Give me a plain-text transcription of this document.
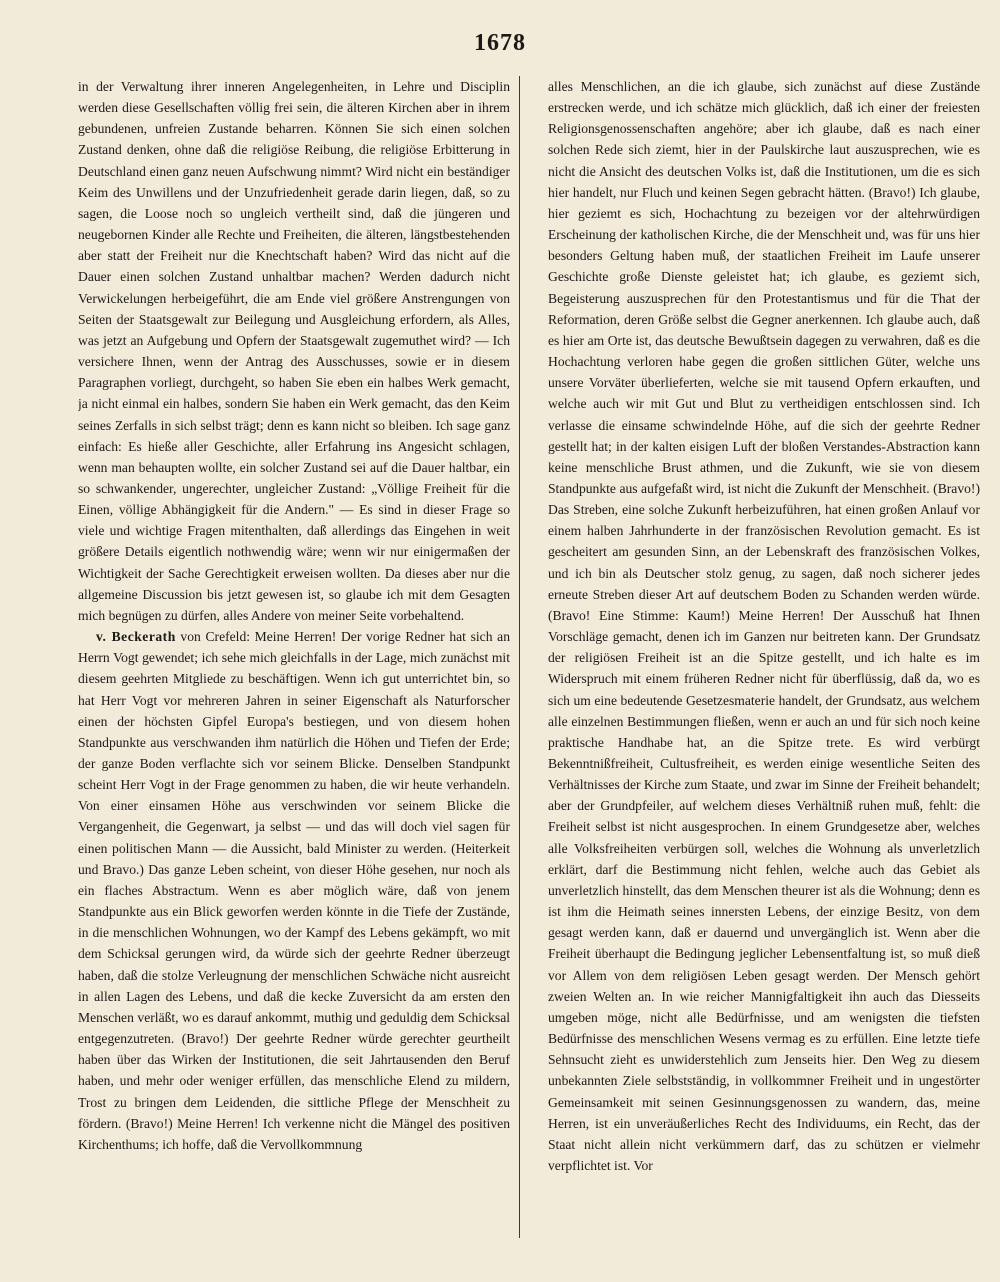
1678

in der Verwaltung ihrer inneren Angelegenheiten, in Lehre und Disciplin werden diese Gesellschaften völlig frei sein, die älteren Kirchen aber in ihrem gebundenen, unfreien Zustande beharren. Können Sie sich einen solchen Zustand denken, ohne daß die religiöse Reibung, die religiöse Erbitterung in Deutschland einen ganz neuen Aufschwung nimmt? Wird nicht ein beständiger Keim des Unwillens und der Unzufriedenheit gerade darin liegen, daß, so zu sagen, die Loose noch so ungleich vertheilt sind, daß die jüngeren und neugebornen Kinder alle Rechte und Freiheiten, die älteren, längstbestehenden aber statt der Freiheit nur die Knechtschaft haben? Wird das nicht auf die Dauer einen solchen Zustand unhaltbar machen? Werden dadurch nicht Verwickelungen herbeigeführt, die am Ende viel größere Anstrengungen von Seiten der Staatsgewalt zur Beilegung und Ausgleichung erfordern, als Alles, was jetzt an Aufgebung und Opfern der Staatsgewalt zugemuthet wird? — Ich versichere Ihnen, wenn der Antrag des Ausschusses, sowie er in diesem Paragraphen vorliegt, durchgeht, so haben Sie eben ein halbes Werk gemacht, ja nicht einmal ein halbes, sondern Sie haben ein Werk gemacht, das den Keim seines Zerfalls in sich selbst trägt; denn es kann nicht so bleiben. Ich sage ganz einfach: Es hieße aller Geschichte, aller Erfahrung ins Angesicht schlagen, wenn man behaupten wollte, ein solcher Zustand sei auf die Dauer haltbar, ein so schwankender, ungerechter, ungleicher Zustand: „Völlige Freiheit für die Einen, völlige Abhängigkeit für die Andern." — Es sind in dieser Frage so viele und wichtige Fragen mitenthalten, daß allerdings das Eingehen in weit größere Details eigentlich nothwendig wäre; wenn wir nur einigermaßen der Wichtigkeit der Sache Gerechtigkeit erweisen wollten. Da dieses aber nur die allgemeine Discussion bis jetzt gewesen ist, so glaube ich mit dem Gesagten mich begnügen zu dürfen, alles Andere von meiner Seite vorbehaltend.

v. Beckerath von Crefeld: Meine Herren! Der vorige Redner hat sich an Herrn Vogt gewendet; ich sehe mich gleichfalls in der Lage, mich zunächst mit diesem geehrten Mitgliede zu beschäftigen. Wenn ich gut unterrichtet bin, so hat Herr Vogt vor mehreren Jahren in seiner Eigenschaft als Naturforscher einen der höchsten Gipfel Europa's bestiegen, und von diesem hohen Standpunkte aus verschwanden ihm natürlich die Höhen und Tiefen der Erde; der ganze Boden verflachte sich vor seinem Blicke. Denselben Standpunkt scheint Herr Vogt in der Frage genommen zu haben, die wir heute verhandeln. Von einer einsamen Höhe aus verschwinden vor seinem Blicke die Vergangenheit, die Gegenwart, ja selbst — und das will doch viel sagen für einen politischen Mann — die Aussicht, bald Minister zu werden. (Heiterkeit und Bravo.) Das ganze Leben scheint, von dieser Höhe gesehen, nur noch als ein flaches Abstractum. Wenn es aber möglich wäre, daß von jenem Standpunkte aus ein Blick geworfen werden könnte in die Tiefe der Zustände, in die menschlichen Wohnungen, wo der Kampf des Lebens gekämpft, wo mit dem Schicksal gerungen wird, da würde sich der geehrte Redner überzeugt haben, daß die stolze Verleugnung der menschlichen Schwäche nicht ausreicht in allen Lagen des Lebens, und daß die kecke Zuversicht da am ersten den Menschen verläßt, wo es darauf ankommt, muthig und geduldig dem Schicksal entgegenzutreten. (Bravo!) Der geehrte Redner würde gerechter geurtheilt haben über das Wirken der Institutionen, die seit Jahrtausenden den Beruf haben, und mehr oder weniger erfüllen, das menschliche Elend zu mildern, Trost zu bringen dem Leidenden, die sittliche Pflege der Menschheit zu fördern. (Bravo!) Meine Herren! Ich verkenne nicht die Mängel des positiven Kirchenthums; ich hoffe, daß die Vervollkommnung

alles Menschlichen, an die ich glaube, sich zunächst auf diese Zustände erstrecken werde, und ich schätze mich glücklich, daß ich einer der freiesten Religionsgenossenschaften angehöre; aber ich glaube, daß es nach einer solchen Rede sich ziemt, hier in der Paulskirche laut auszusprechen, wie es nicht die Ansicht des deutschen Volks ist, daß die Institutionen, um die es sich hier handelt, nur Fluch und keinen Segen gebracht hätten. (Bravo!) Ich glaube, hier geziemt es sich, Hochachtung zu bezeigen vor der altehrwürdigen Erscheinung der katholischen Kirche, die der Menschheit und, was für uns hier besonders Geltung haben muß, der staatlichen Freiheit im Laufe unserer Geschichte große Dienste geleistet hat; ich glaube, es geziemt sich, Begeisterung auszusprechen für den Protestantismus und für die That der Reformation, deren Größe selbst die Gegner anerkennen. Ich glaube auch, daß es hier am Orte ist, das deutsche Bewußtsein dagegen zu verwahren, daß es die Hochachtung verloren habe gegen die großen sittlichen Güter, welche uns unsere Vorväter überlieferten, welche sie mit tausend Opfern erkauften, und welche auch wir mit Gut und Blut zu vertheidigen entschlossen sind. Ich verlasse die einsame schwindelnde Höhe, auf die sich der geehrte Redner gestellt hat; in der kalten eisigen Luft der bloßen Verstandes-Abstraction kann keine menschliche Brust athmen, und die Zukunft, wie sie von diesem Standpunkte aus aufgefaßt wird, ist nicht die Zukunft der Menschheit. (Bravo!) Das Streben, eine solche Zukunft herbeizuführen, hat einen großen Anlauf vor einem halben Jahrhunderte in der französischen Revolution gemacht. Es ist gescheitert am gesunden Sinn, an der Lebenskraft des französischen Volkes, und ich bin als Deutscher stolz genug, zu sagen, daß noch sicherer jedes erneute Streben dieser Art auf deutschem Boden zu Schanden werden würde. (Bravo! Eine Stimme: Kaum!) Meine Herren! Der Ausschuß hat Ihnen Vorschläge gemacht, denen ich im Ganzen nur beitreten kann. Der Grundsatz der religiösen Freiheit ist an die Spitze gestellt, und ich halte es im Widerspruch mit einem früheren Redner nicht für überflüssig, daß da, wo es sich um eine bedeutende Gesetzesmaterie handelt, der Grundsatz, aus welchem alle einzelnen Bestimmungen fließen, wenn er auch an und für sich noch keine praktische Handhabe hat, an die Spitze trete. Es wird verbürgt Bekenntnißfreiheit, Cultusfreiheit, es werden einige wesentliche Seiten des Verhältnisses der Kirche zum Staate, und zwar im Sinne der Freiheit behandelt; aber der Grundpfeiler, auf welchem dieses Verhältniß ruhen muß, fehlt: die Freiheit selbst ist nicht ausgesprochen. In einem Grundgesetze aber, welches alle Volksfreiheiten verbürgen soll, welches die Wohnung als unverletzlich erklärt, darf die Bestimmung nicht fehlen, welche auch das Gebiet als unverletzlich hinstellt, das dem Menschen theurer ist als die Wohnung; denn es ist ihm die Heimath seines innersten Lebens, der einzige Besitz, von dem gesagt werden kann, daß er dauernd und unvergänglich ist. Wenn aber die Freiheit überhaupt die Bedingung jeglicher Lebensentfaltung ist, so muß dieß vor Allem von dem religiösen Leben gesagt werden. Der Mensch gehört zweien Welten an. In wie reicher Mannigfaltigkeit ihn auch das Diesseits umgeben möge, nicht alle Bedürfnisse, und am wenigsten die tiefsten Bedürfnisse des menschlichen Wesens vermag es zu erfüllen. Eine letzte tiefe Sehnsucht zieht es unwiderstehlich zum Jenseits hier. Den Weg zu diesem unbekannten Ziele selbstständig, in vollkommner Freiheit und in ungestörter Gemeinsamkeit mit seinen Gesinnungsgenossen zu wandern, das, meine Herren, ist ein unveräußerliches Recht des Individuums, ein Recht, das der Staat nicht allein nicht verkümmern darf, das zu schützen er vielmehr verpflichtet ist. Vor
